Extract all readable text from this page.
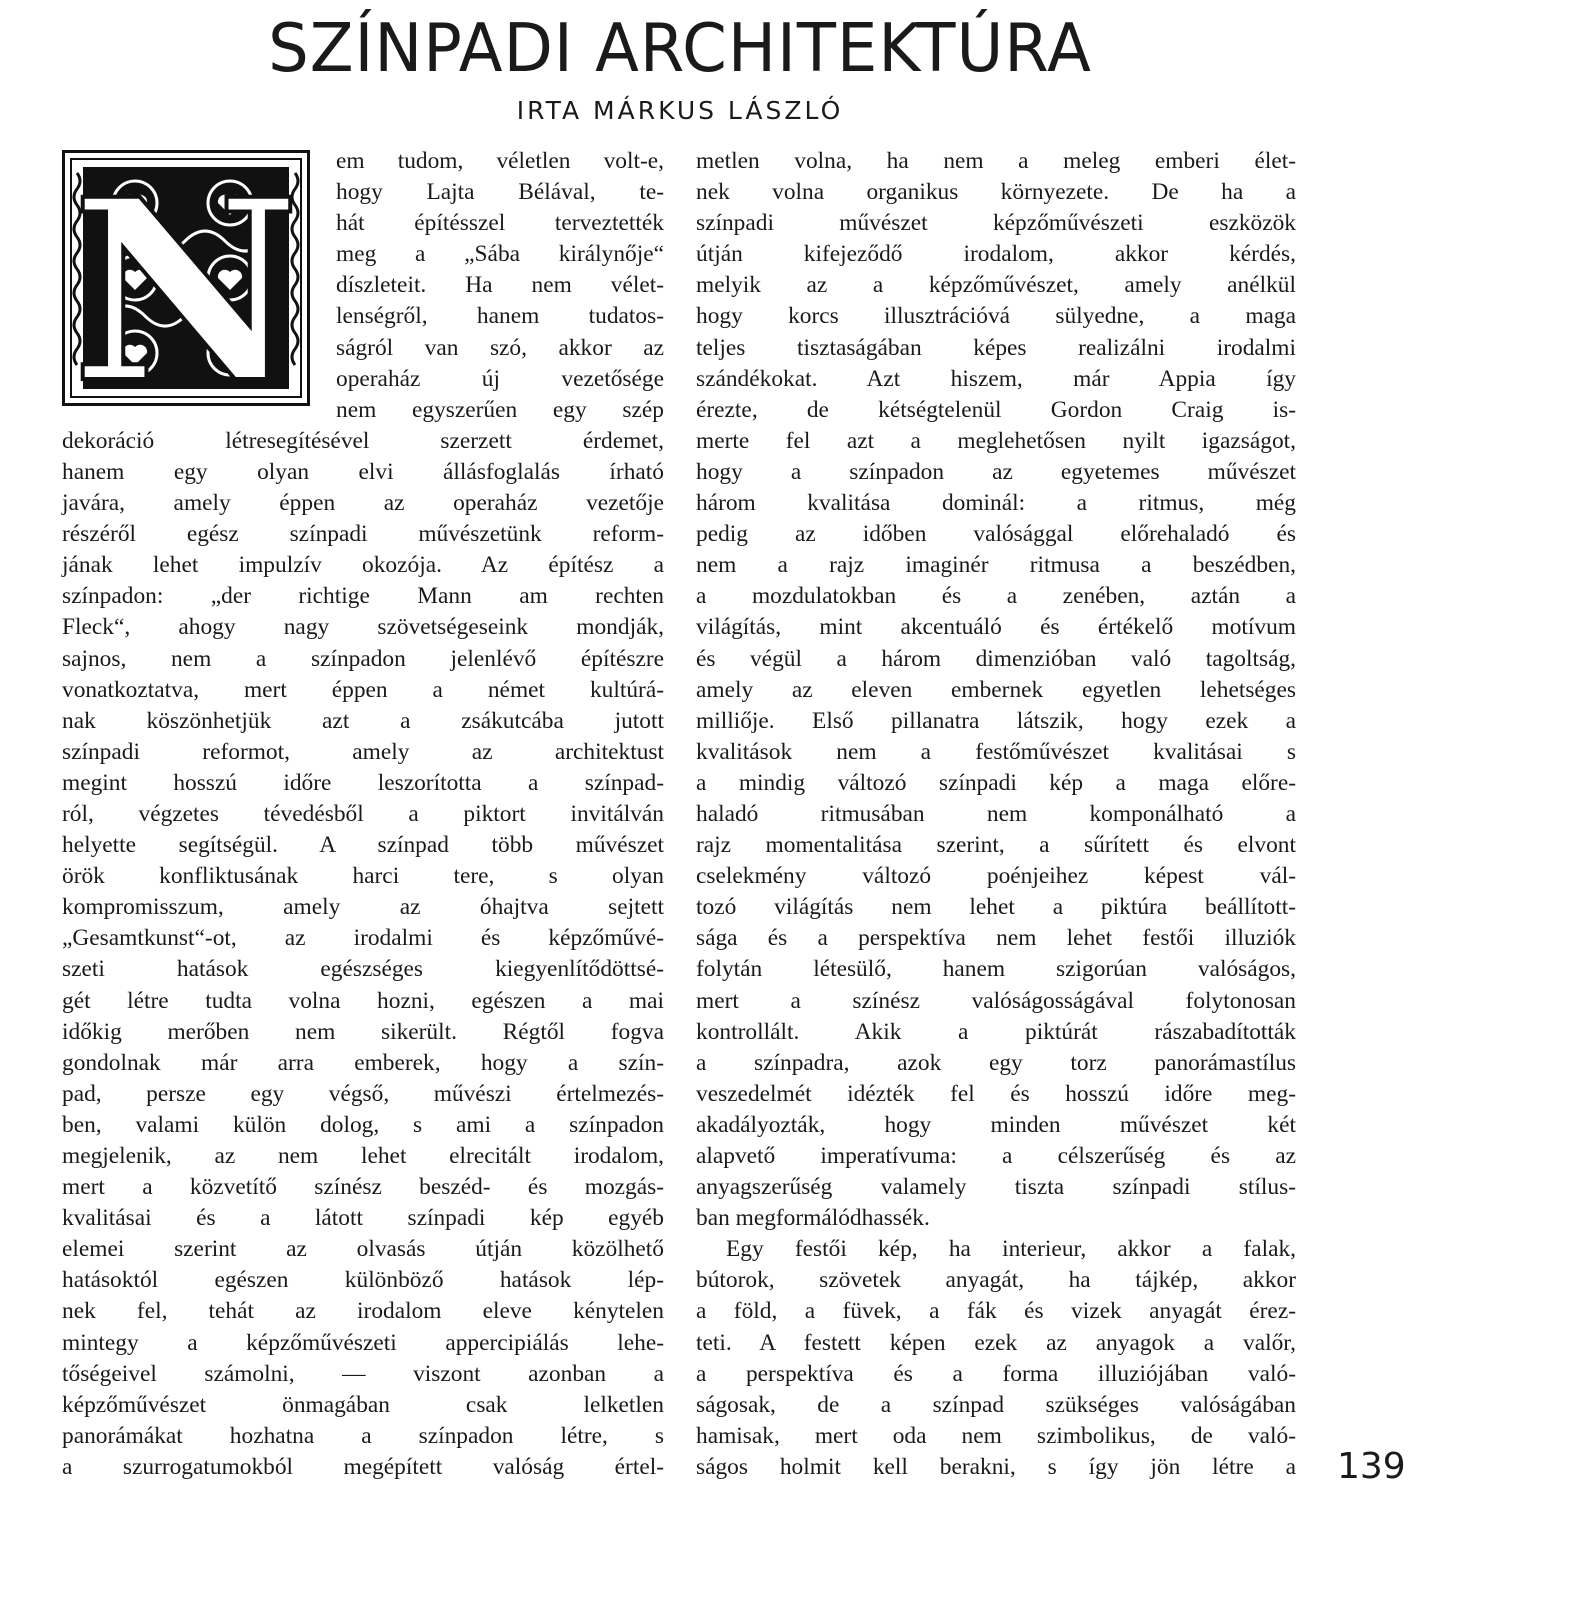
SZÍNPADI ARCHITEKTÚRA

IRTA MÁRKUS LÁSZLÓ

N em tudom, véletlen volt-e,
hogy Lajta Bélával, te-
hát építésszel terveztették
meg a „Sába királynője“
díszleteit. Ha nem vélet-
lenségről, hanem tudatos-
ságról van szó, akkor az
operaház új vezetősége
nem egyszerűen egy szép
dekoráció létresegítésével szerzett érdemet,
hanem egy olyan elvi állásfoglalás írható
javára, amely éppen az operaház vezetője
részéről egész színpadi művészetünk reform-
jának lehet impulzív okozója. Az építész a
színpadon: „der richtige Mann am rechten
Fleck“, ahogy nagy szövetségeseink mondják,
sajnos, nem a színpadon jelenlévő építészre
vonatkoztatva, mert éppen a német kultúrá-
nak köszönhetjük azt a zsákutcába jutott
színpadi reformot, amely az architektust
megint hosszú időre leszorította a színpad-
ról, végzetes tévedésből a piktort invitálván
helyette segítségül. A színpad több művészet
örök konfliktusának harci tere, s olyan
kompromisszum, amely az óhajtva sejtett
„Gesamtkunst“-ot, az irodalmi és képzőművé-
szeti hatások egészséges kiegyenlítődöttsé-
gét létre tudta volna hozni, egészen a mai
időkig merőben nem sikerült. Régtől fogva
gondolnak már arra emberek, hogy a szín-
pad, persze egy végső, művészi értelmezés-
ben, valami külön dolog, s ami a színpadon
megjelenik, az nem lehet elrecitált irodalom,
mert a közvetítő színész beszéd- és mozgás-
kvalitásai és a látott színpadi kép egyéb
elemei szerint az olvasás útján közölhető
hatásoktól egészen különböző hatások lép-
nek fel, tehát az irodalom eleve kénytelen
mintegy a képzőművészeti appercipiálás lehe-
tőségeivel számolni, — viszont azonban a
képzőművészet önmagában csak lelketlen
panorámákat hozhatna a színpadon létre, s
a szurrogatumokból megépített valóság értel-
metlen volna, ha nem a meleg emberi élet-
nek volna organikus környezete. De ha a
színpadi művészet képzőművészeti eszközök
útján kifejeződő irodalom, akkor kérdés,
melyik az a képzőművészet, amely anélkül
hogy korcs illusztrációvá sülyedne, a maga
teljes tisztaságában képes realizálni irodalmi
szándékokat. Azt hiszem, már Appia így
érezte, de kétségtelenül Gordon Craig is-
merte fel azt a meglehetősen nyilt igazságot,
hogy a színpadon az egyetemes művészet
három kvalitása dominál: a ritmus, még
pedig az időben valósággal előrehaladó és
nem a rajz imaginér ritmusa a beszédben,
a mozdulatokban és a zenében, aztán a
világítás, mint akcentuáló és értékelő motívum
és végül a három dimenzióban való tagoltság,
amely az eleven embernek egyetlen lehetséges
milliője. Első pillanatra látszik, hogy ezek a
kvalitások nem a festőművészet kvalitásai s
a mindig változó színpadi kép a maga előre-
haladó ritmusában nem komponálható a
rajz momentalitása szerint, a sűrített és elvont
cselekmény változó poénjeihez képest vál-
tozó világítás nem lehet a piktúra beállított-
sága és a perspektíva nem lehet festői illuziók
folytán létesülő, hanem szigorúan valóságos,
mert a színész valóságosságával folytonosan
kontrollált. Akik a piktúrát rászabadították
a színpadra, azok egy torz panorámastílus
veszedelmét idézték fel és hosszú időre meg-
akadályozták, hogy minden művészet két
alapvető imperatívuma: a célszerűség és az
anyagszerűség valamely tiszta színpadi stílus-
ban megformálódhassék.
Egy festői kép, ha interieur, akkor a falak,
bútorok, szövetek anyagát, ha tájkép, akkor
a föld, a füvek, a fák és vizek anyagát érez-
teti. A festett képen ezek az anyagok a valőr,
a perspektíva és a forma illuziójában való-
ságosak, de a színpad szükséges valóságában
hamisak, mert oda nem szimbolikus, de való-
ságos holmit kell berakni, s így jön létre a 139
